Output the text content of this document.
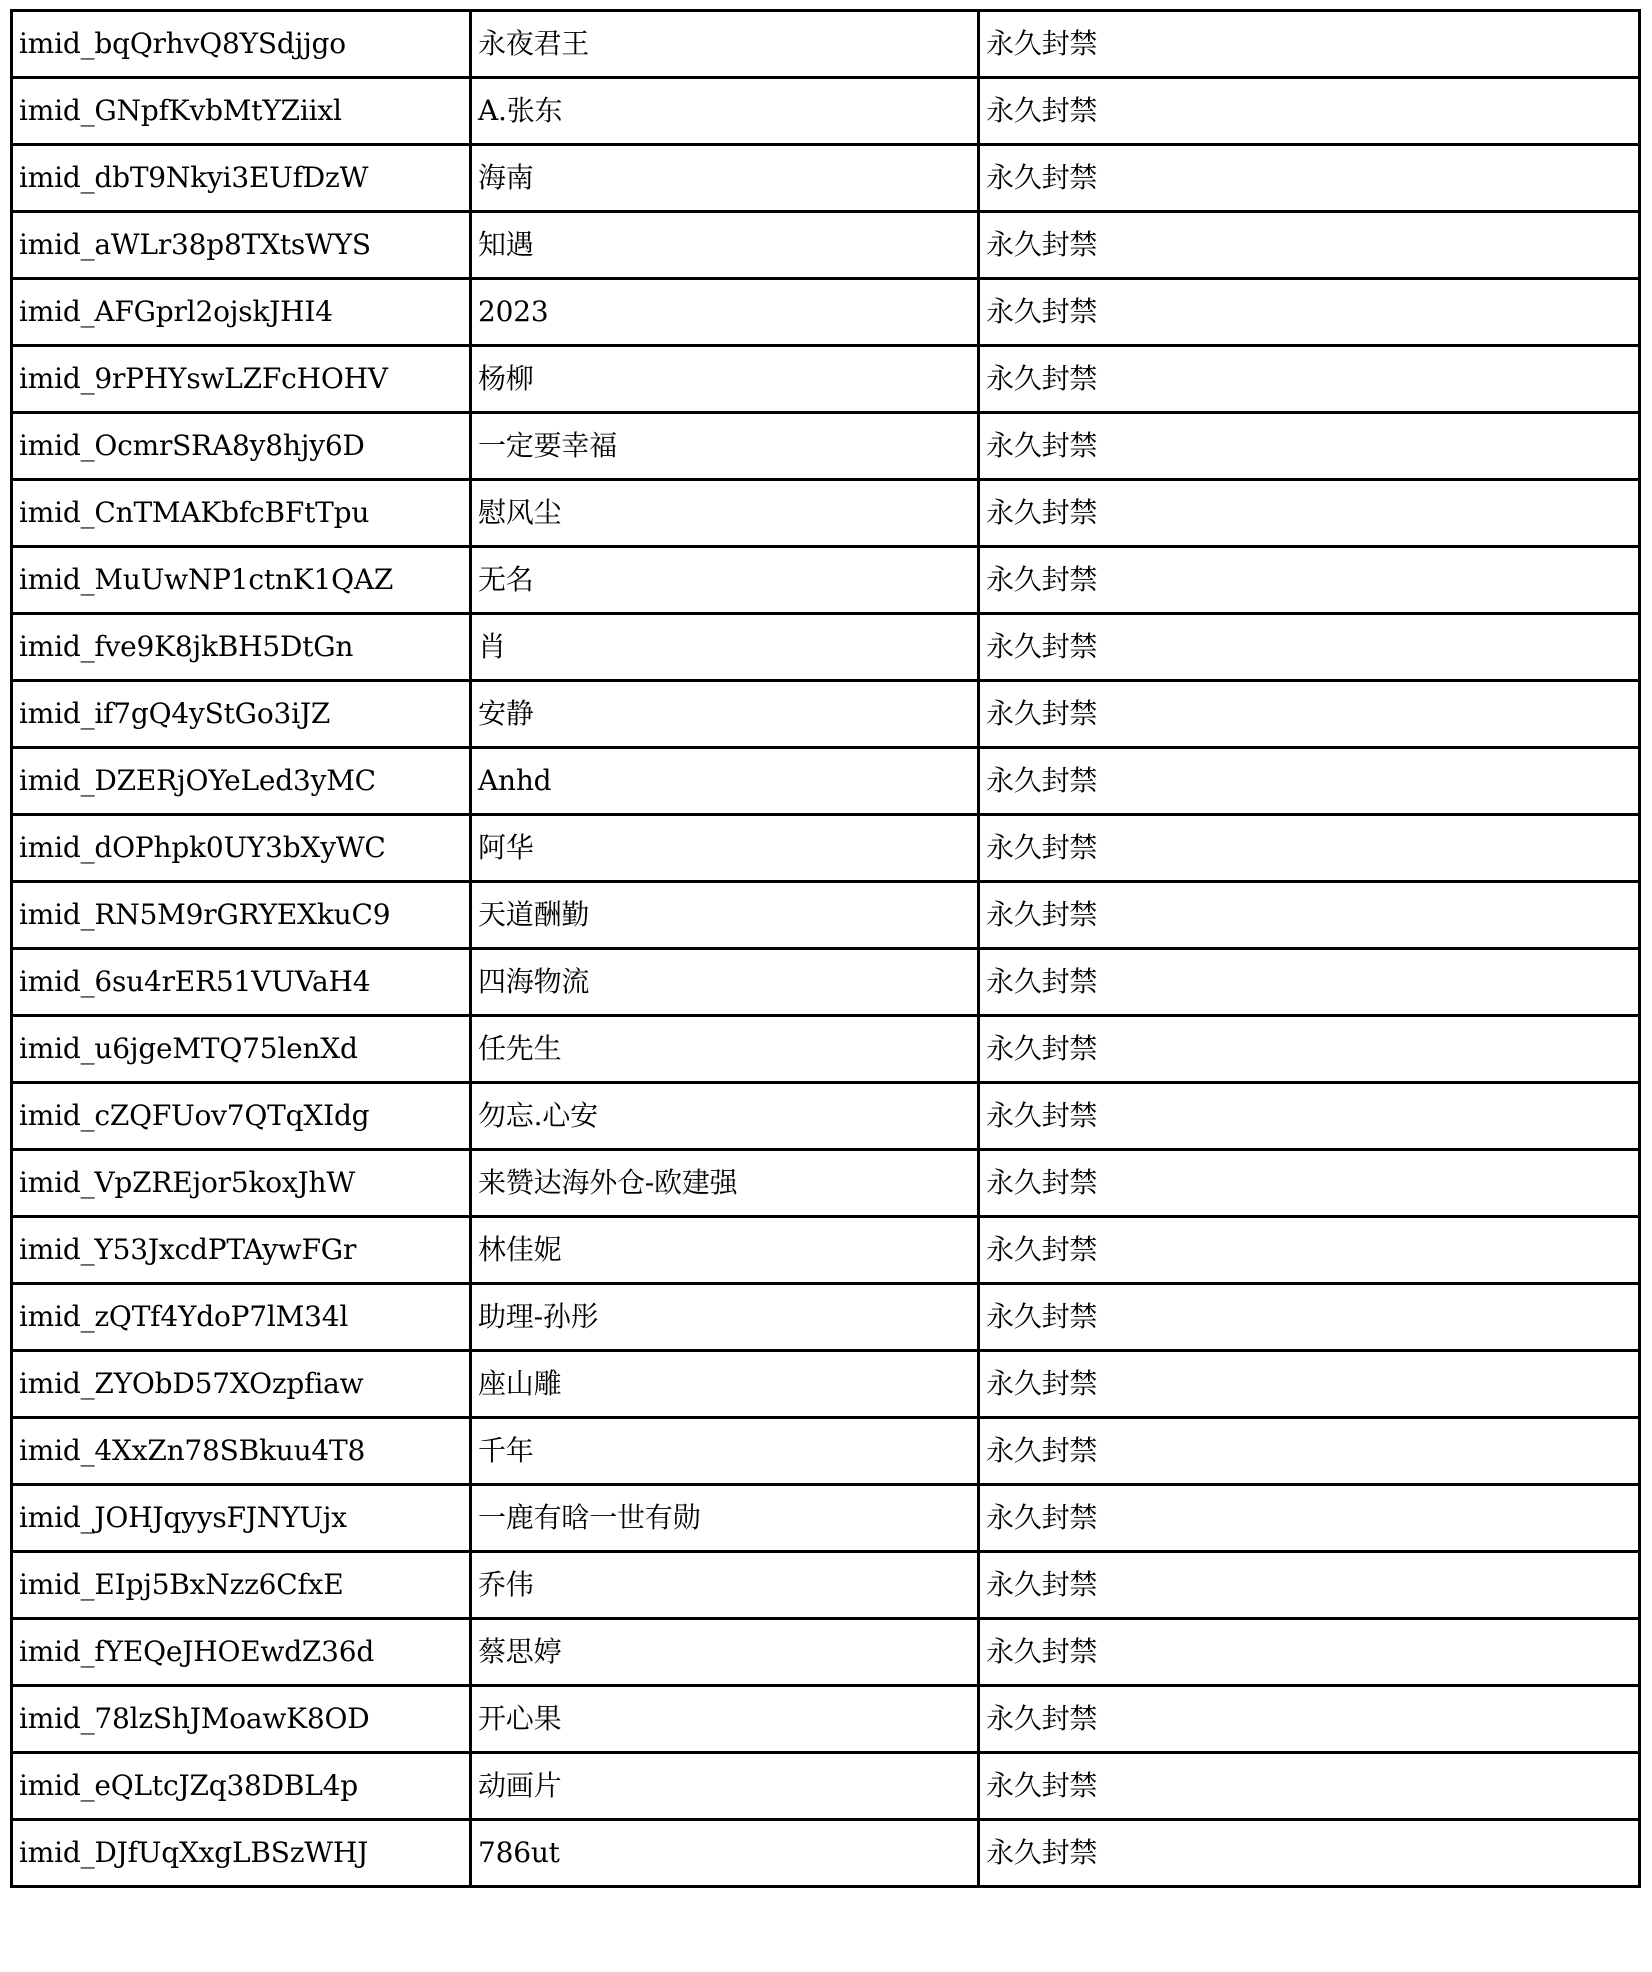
imid_bqQrhvQ8YSdjjgo	永夜君王	永久封禁
imid_GNpfKvbMtYZiixl	A.张东	永久封禁
imid_dbT9Nkyi3EUfDzW	海南	永久封禁
imid_aWLr38p8TXtsWYS	知遇	永久封禁
imid_AFGprl2ojskJHI4	2023	永久封禁
imid_9rPHYswLZFcHOHV	杨柳	永久封禁
imid_OcmrSRA8y8hjy6D	一定要幸福	永久封禁
imid_CnTMAKbfcBFtTpu	慰风尘	永久封禁
imid_MuUwNP1ctnK1QAZ	无名	永久封禁
imid_fve9K8jkBH5DtGn	肖	永久封禁
imid_if7gQ4yStGo3iJZ	安静	永久封禁
imid_DZERjOYeLed3yMC	Anhd	永久封禁
imid_dOPhpk0UY3bXyWC	阿华	永久封禁
imid_RN5M9rGRYEXkuC9	天道酬勤	永久封禁
imid_6su4rER51VUVaH4	四海物流	永久封禁
imid_u6jgeMTQ75lenXd	任先生	永久封禁
imid_cZQFUov7QTqXIdg	勿忘.心安	永久封禁
imid_VpZREjor5koxJhW	来赞达海外仓-欧建强	永久封禁
imid_Y53JxcdPTAywFGr	林佳妮	永久封禁
imid_zQTf4YdoP7lM34l	助理-孙彤	永久封禁
imid_ZYObD57XOzpfiaw	座山雕	永久封禁
imid_4XxZn78SBkuu4T8	千年	永久封禁
imid_JOHJqyysFJNYUjx	一鹿有晗一世有勋	永久封禁
imid_EIpj5BxNzz6CfxE	乔伟	永久封禁
imid_fYEQeJHOEwdZ36d	蔡思婷	永久封禁
imid_78lzShJMoawK8OD	开心果	永久封禁
imid_eQLtcJZq38DBL4p	动画片	永久封禁
imid_DJfUqXxgLBSzWHJ	786ut	永久封禁
